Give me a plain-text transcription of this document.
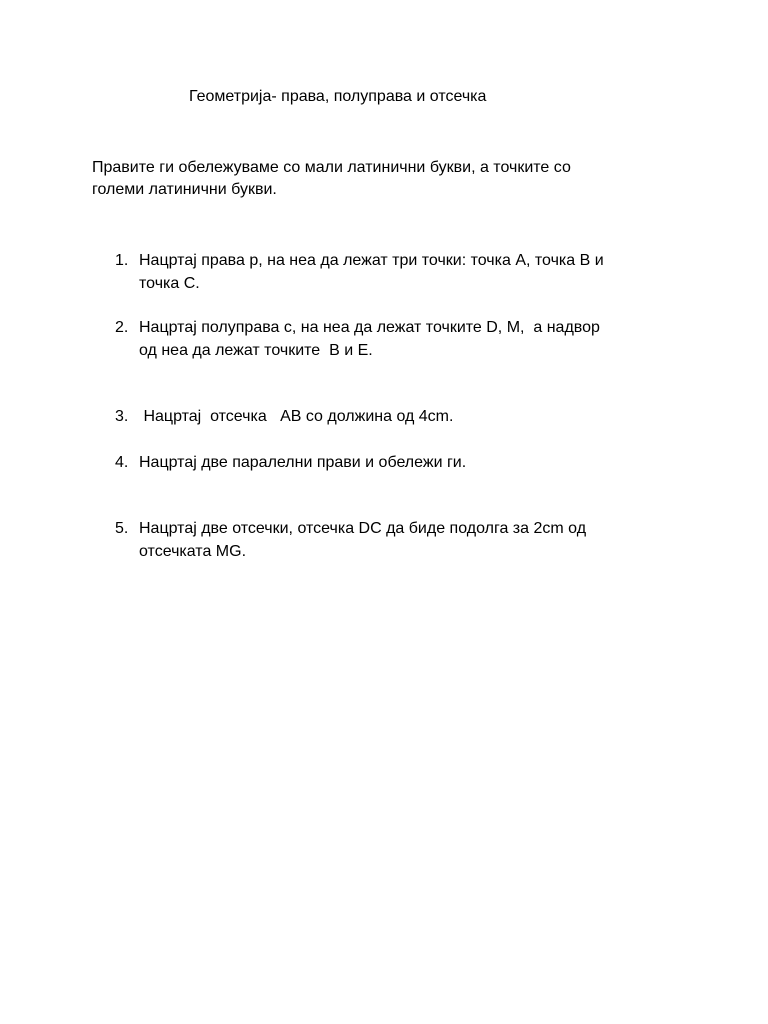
Геометрија- права, полуправа и отсечка
Правите ги обележуваме со мали латинични букви, а точките со
големи латинични букви.
1. Нацртај права p, на неа да лежат три точки: точка A, точка B и
точка C.
2. Нацртај полуправа c, на неа да лежат точките D, M,  a надвор
од неа да лежат точките  B и E.
3. Нацртај  отсечка   AB со должина од 4cm.
4. Нацртај две паралелни прави и обележи ги.
5. Нацртај две отсечки, отсечка DC да биде подолга за 2cm од
отсечката MG.
